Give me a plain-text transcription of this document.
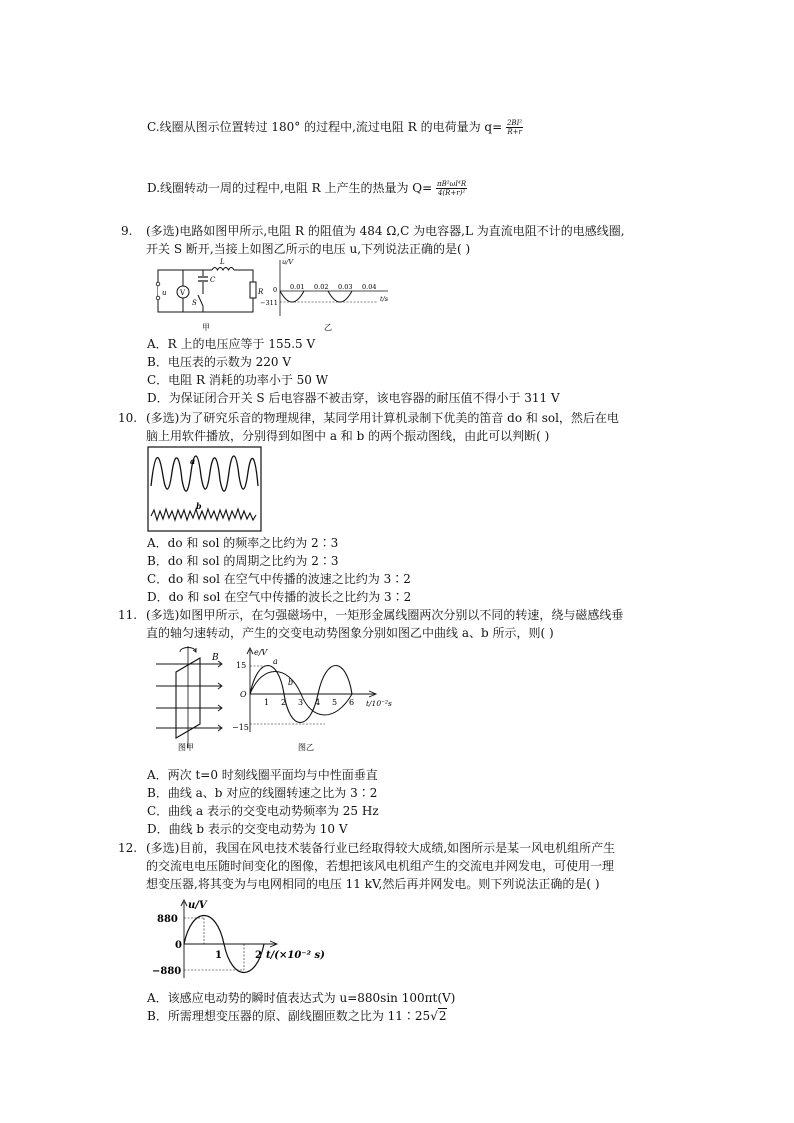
C.线圈从图示位置转过 180° 的过程中,流过电阻 R 的电荷量为 $q= \frac{\text{2BI²}}{R+r}$
D.线圈转动一周的过程中,电阻 R 上产生的热量为 $Q= \frac{\text{πB²ωI⁴R}}{\text{4(R+r)²}}$
9. (多选)电路如图甲所示,电阻 R 的阻值为 484 Ω,C 为电容器,L 为直流电阻不计的电感线圈,
开关 S 断开,当接上如图乙所示的电压 u,下列说法正确的是( )
u V
C
S
L
R
甲
u/V
t/s
0
−311
0.01 0.02 0.03 0.04
乙
A．R 上的电压应等于 155.5 V
B．电压表的示数为 220 V
C．电阻 R 消耗的功率小于 50 W
D．为保证闭合开关 S 后电容器不被击穿，该电容器的耐压值不得小于 311 V
10. (多选)为了研究乐音的物理规律，某同学用计算机录制下优美的笛音 do 和 sol，然后在电
脑上用软件播放，分别得到如图中 a 和 b 的两个振动图线，由此可以判断( )
a
b
A．do 和 sol 的频率之比约为 2∶3
B．do 和 sol 的周期之比约为 2∶3
C．do 和 sol 在空气中传播的波速之比约为 3∶2
D．do 和 sol 在空气中传播的波长之比约为 3∶2
11. (多选)如图甲所示，在匀强磁场中，一矩形金属线圈两次分别以不同的转速，绕与磁感线垂
直的轴匀速转动，产生的交变电动势图象分别如图乙中曲线 a、b 所示，则( )
B
图甲
e/V
15
O
−15
t/10⁻²s
1 2 3 4 5 6
a
b
图乙
A．两次 t=0 时刻线圈平面均与中性面垂直
B．曲线 a、b 对应的线圈转速之比为 3∶2
C．曲线 a 表示的交变电动势频率为 25 Hz
D．曲线 b 表示的交变电动势为 10 V
12. (多选)目前，我国在风电技术装备行业已经取得较大成绩,如图所示是某一风电机组所产生
的交流电电压随时间变化的图像，若想把该风电机组产生的交流电并网发电，可使用一理
想变压器,将其变为与电网相同的电压 11 kV,然后再并网发电。则下列说法正确的是( )
u/V
880
0
−880
1	2 t/(×10⁻² s)
A．该感应电动势的瞬时值表达式为 u=880sin 100πt(V)
B．所需理想变压器的原、副线圈匝数之比为 11∶25√2
